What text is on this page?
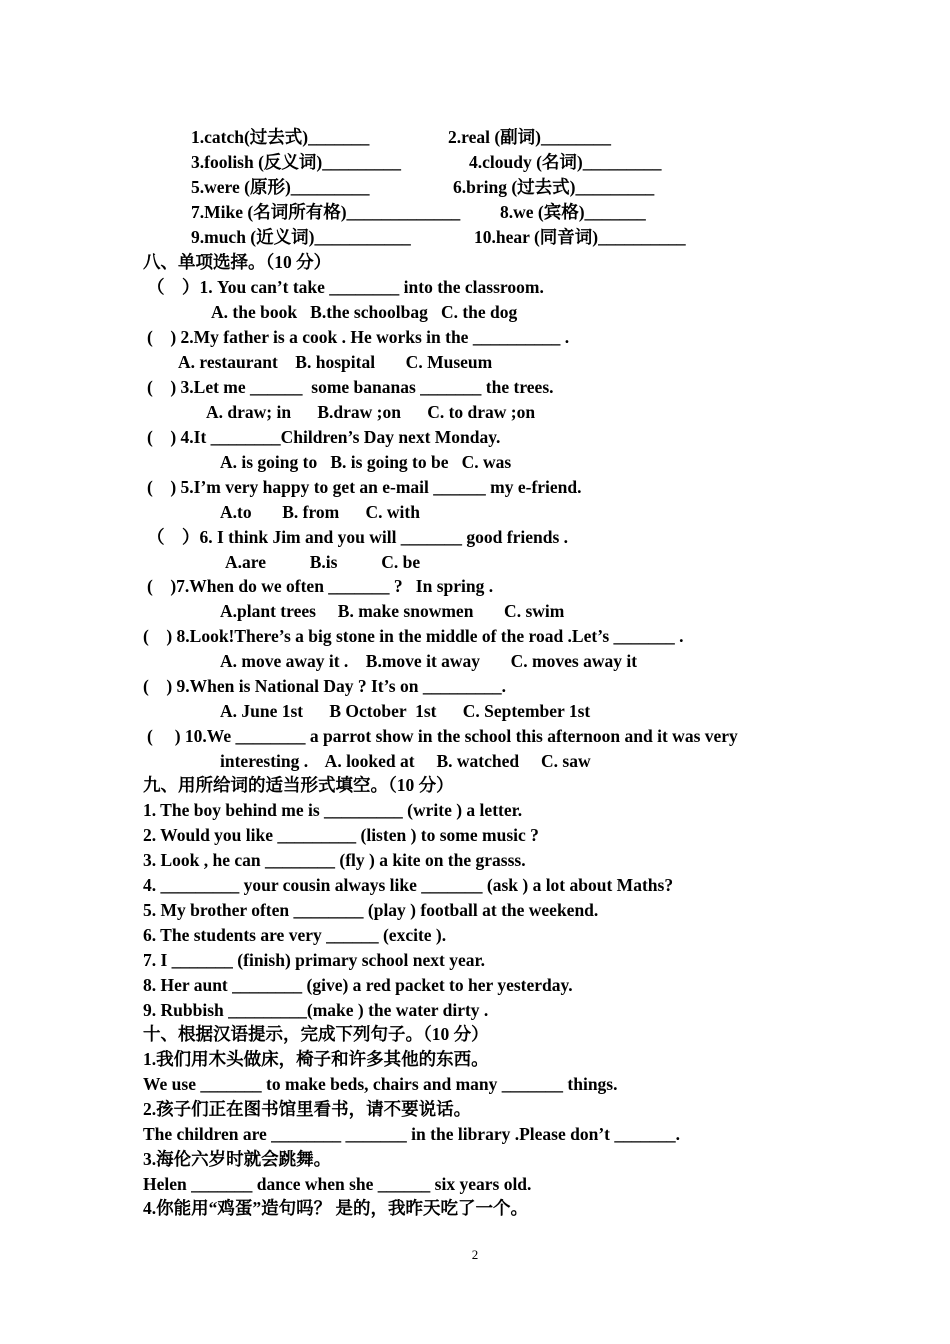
1.catch(过去式)_______	2.real (副词)________
3.foolish (反义词)_________	4.cloudy (名词)_________
5.were (原形)_________	6.bring (过去式)_________
7.Mike (名词所有格)_____________ 8.we (宾格)_______
9.much (近义词)___________	10.hear (同音词)__________
八、单项选择。（10 分）
（    ）1. You can’t take ________ into the classroom.
A. the book   B.the schoolbag   C. the dog
(    ) 2.My father is a cook . He works in the __________ .
A. restaurant    B. hospital       C. Museum
(    ) 3.Let me ______  some bananas _______ the trees.
A. draw; in      B.draw ;on      C. to draw ;on
(    ) 4.It ________Children’s Day next Monday.
A. is going to   B. is going to be   C. was
(    ) 5.I’m very happy to get an e-mail ______ my e-friend.
A.to       B. from      C. with
（    ）6. I think Jim and you will _______ good friends .
A.are          B.is          C. be
(    )7.When do we often _______ ?   In spring .
A.plant trees     B. make snowmen       C. swim
(    ) 8.Look!There’s a big stone in the middle of the road .Let’s _______ .
A. move away it .    B.move it away       C. moves away it
(    ) 9.When is National Day ? It’s on _________.
A. June 1st      B October  1st      C. September 1st
(     ) 10.We ________ a parrot show in the school this afternoon and it was very
interesting .    A. looked at     B. watched     C. saw
九、用所给词的适当形式填空。（10 分）
1. The boy behind me is _________ (write ) a letter.
2. Would you like _________ (listen ) to some music ?
3. Look , he can ________ (fly ) a kite on the grasss.
4. _________ your cousin always like _______ (ask ) a lot about Maths?
5. My brother often ________ (play ) football at the weekend.
6. The students are very ______ (excite ).
7. I _______ (finish) primary school next year.
8. Her aunt ________ (give) a red packet to her yesterday.
9. Rubbish _________(make ) the water dirty .
十、根据汉语提示，完成下列句子。（10 分）
1.我们用木头做床，椅子和许多其他的东西。
We use _______ to make beds, chairs and many _______ things.
2.孩子们正在图书馆里看书，请不要说话。
The children are ________ _______ in the library .Please don’t _______.
3.海伦六岁时就会跳舞。
Helen _______ dance when she ______ six years old.
4.你能用“鸡蛋”造句吗？ 是的，我昨天吃了一个。
2
